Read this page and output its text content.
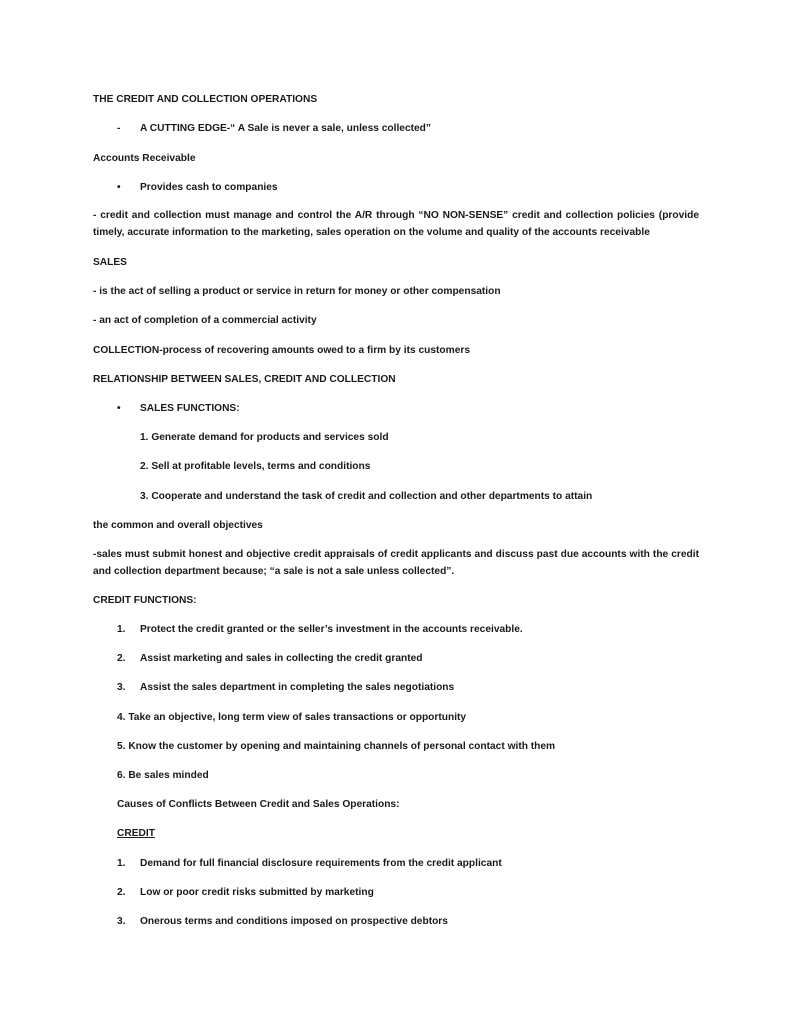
THE CREDIT AND COLLECTION OPERATIONS
- A CUTTING EDGE-“ A Sale is never a sale, unless collected”
Accounts Receivable
• Provides cash to companies
- credit and collection must manage and control the A/R through “NO NON-SENSE” credit and collection policies (provide timely, accurate information to the marketing, sales operation on the volume and quality of the accounts receivable
SALES
- is the act of selling a product or service in return for money or other compensation
- an act of completion of a commercial activity
COLLECTION-process of recovering amounts owed to a firm by its customers
RELATIONSHIP BETWEEN SALES, CREDIT AND COLLECTION
• SALES FUNCTIONS:
1. Generate demand for products and services sold
2. Sell at profitable levels, terms and conditions
3. Cooperate and understand the task of credit and collection and other departments to attain
the common and overall objectives
-sales must submit honest and objective credit appraisals of credit applicants and discuss past due accounts with the credit and collection department because; “a sale is not a sale unless collected”.
CREDIT FUNCTIONS:
1. Protect the credit granted or the seller’s investment in the accounts receivable.
2. Assist marketing and sales in collecting the credit granted
3. Assist the sales department in completing the sales negotiations
4. Take an objective, long term view of sales transactions or opportunity
5. Know the customer by opening and maintaining channels of personal contact with them
6. Be sales minded
Causes of Conflicts Between Credit and Sales Operations:
CREDIT
1. Demand for full financial disclosure requirements from the credit applicant
2. Low or poor credit risks submitted by marketing
3. Onerous terms and conditions imposed on prospective debtors
